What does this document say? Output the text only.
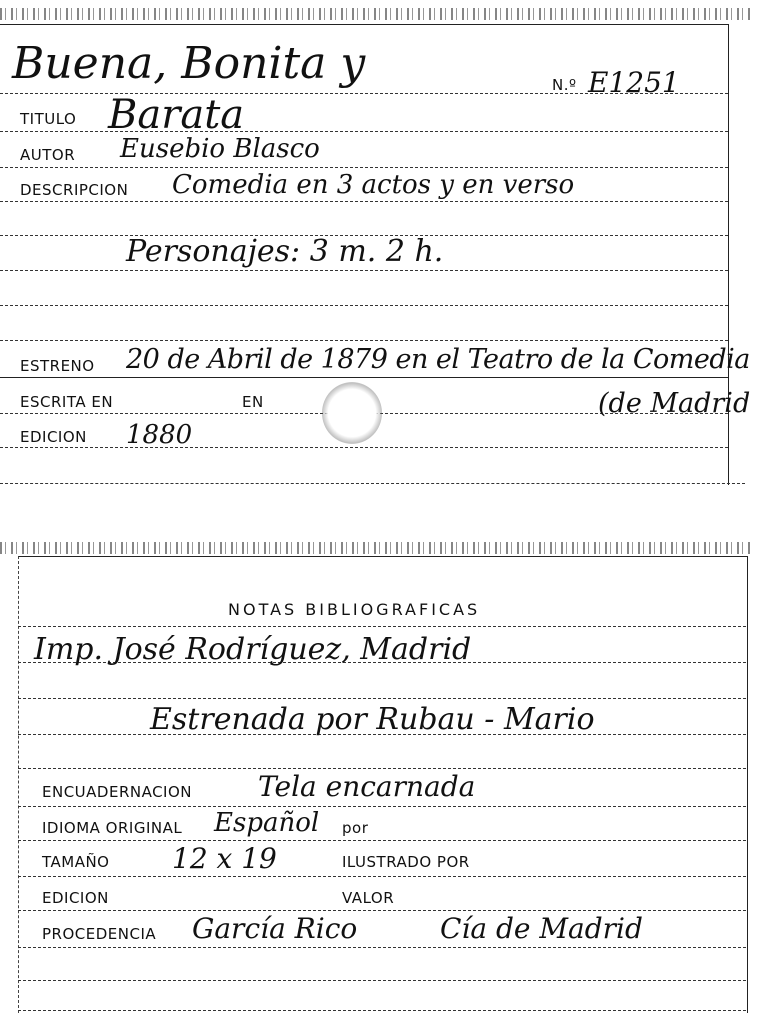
Buena, Bonita y	N.º E1251
TITULO Barata
AUTOR Eusebio Blasco
DESCRIPCION Comedia en 3 actos y en verso
Personajes: 3 m. 2 h.
ESTRENO 20 de Abril de 1879 en el Teatro de la Comedia
ESCRITA EN	EN	(de Madrid
EDICION 1880
NOTAS BIBLIOGRAFICAS
Imp. José Rodríguez, Madrid
Estrenada por Rubau - Mario
ENCUADERNACION Tela encarnada
IDIOMA ORIGINAL Español por
TAMAÑO 12 x 19	ILUSTRADO POR
EDICION	VALOR
PROCEDENCIA García Rico	Cía de Madrid
